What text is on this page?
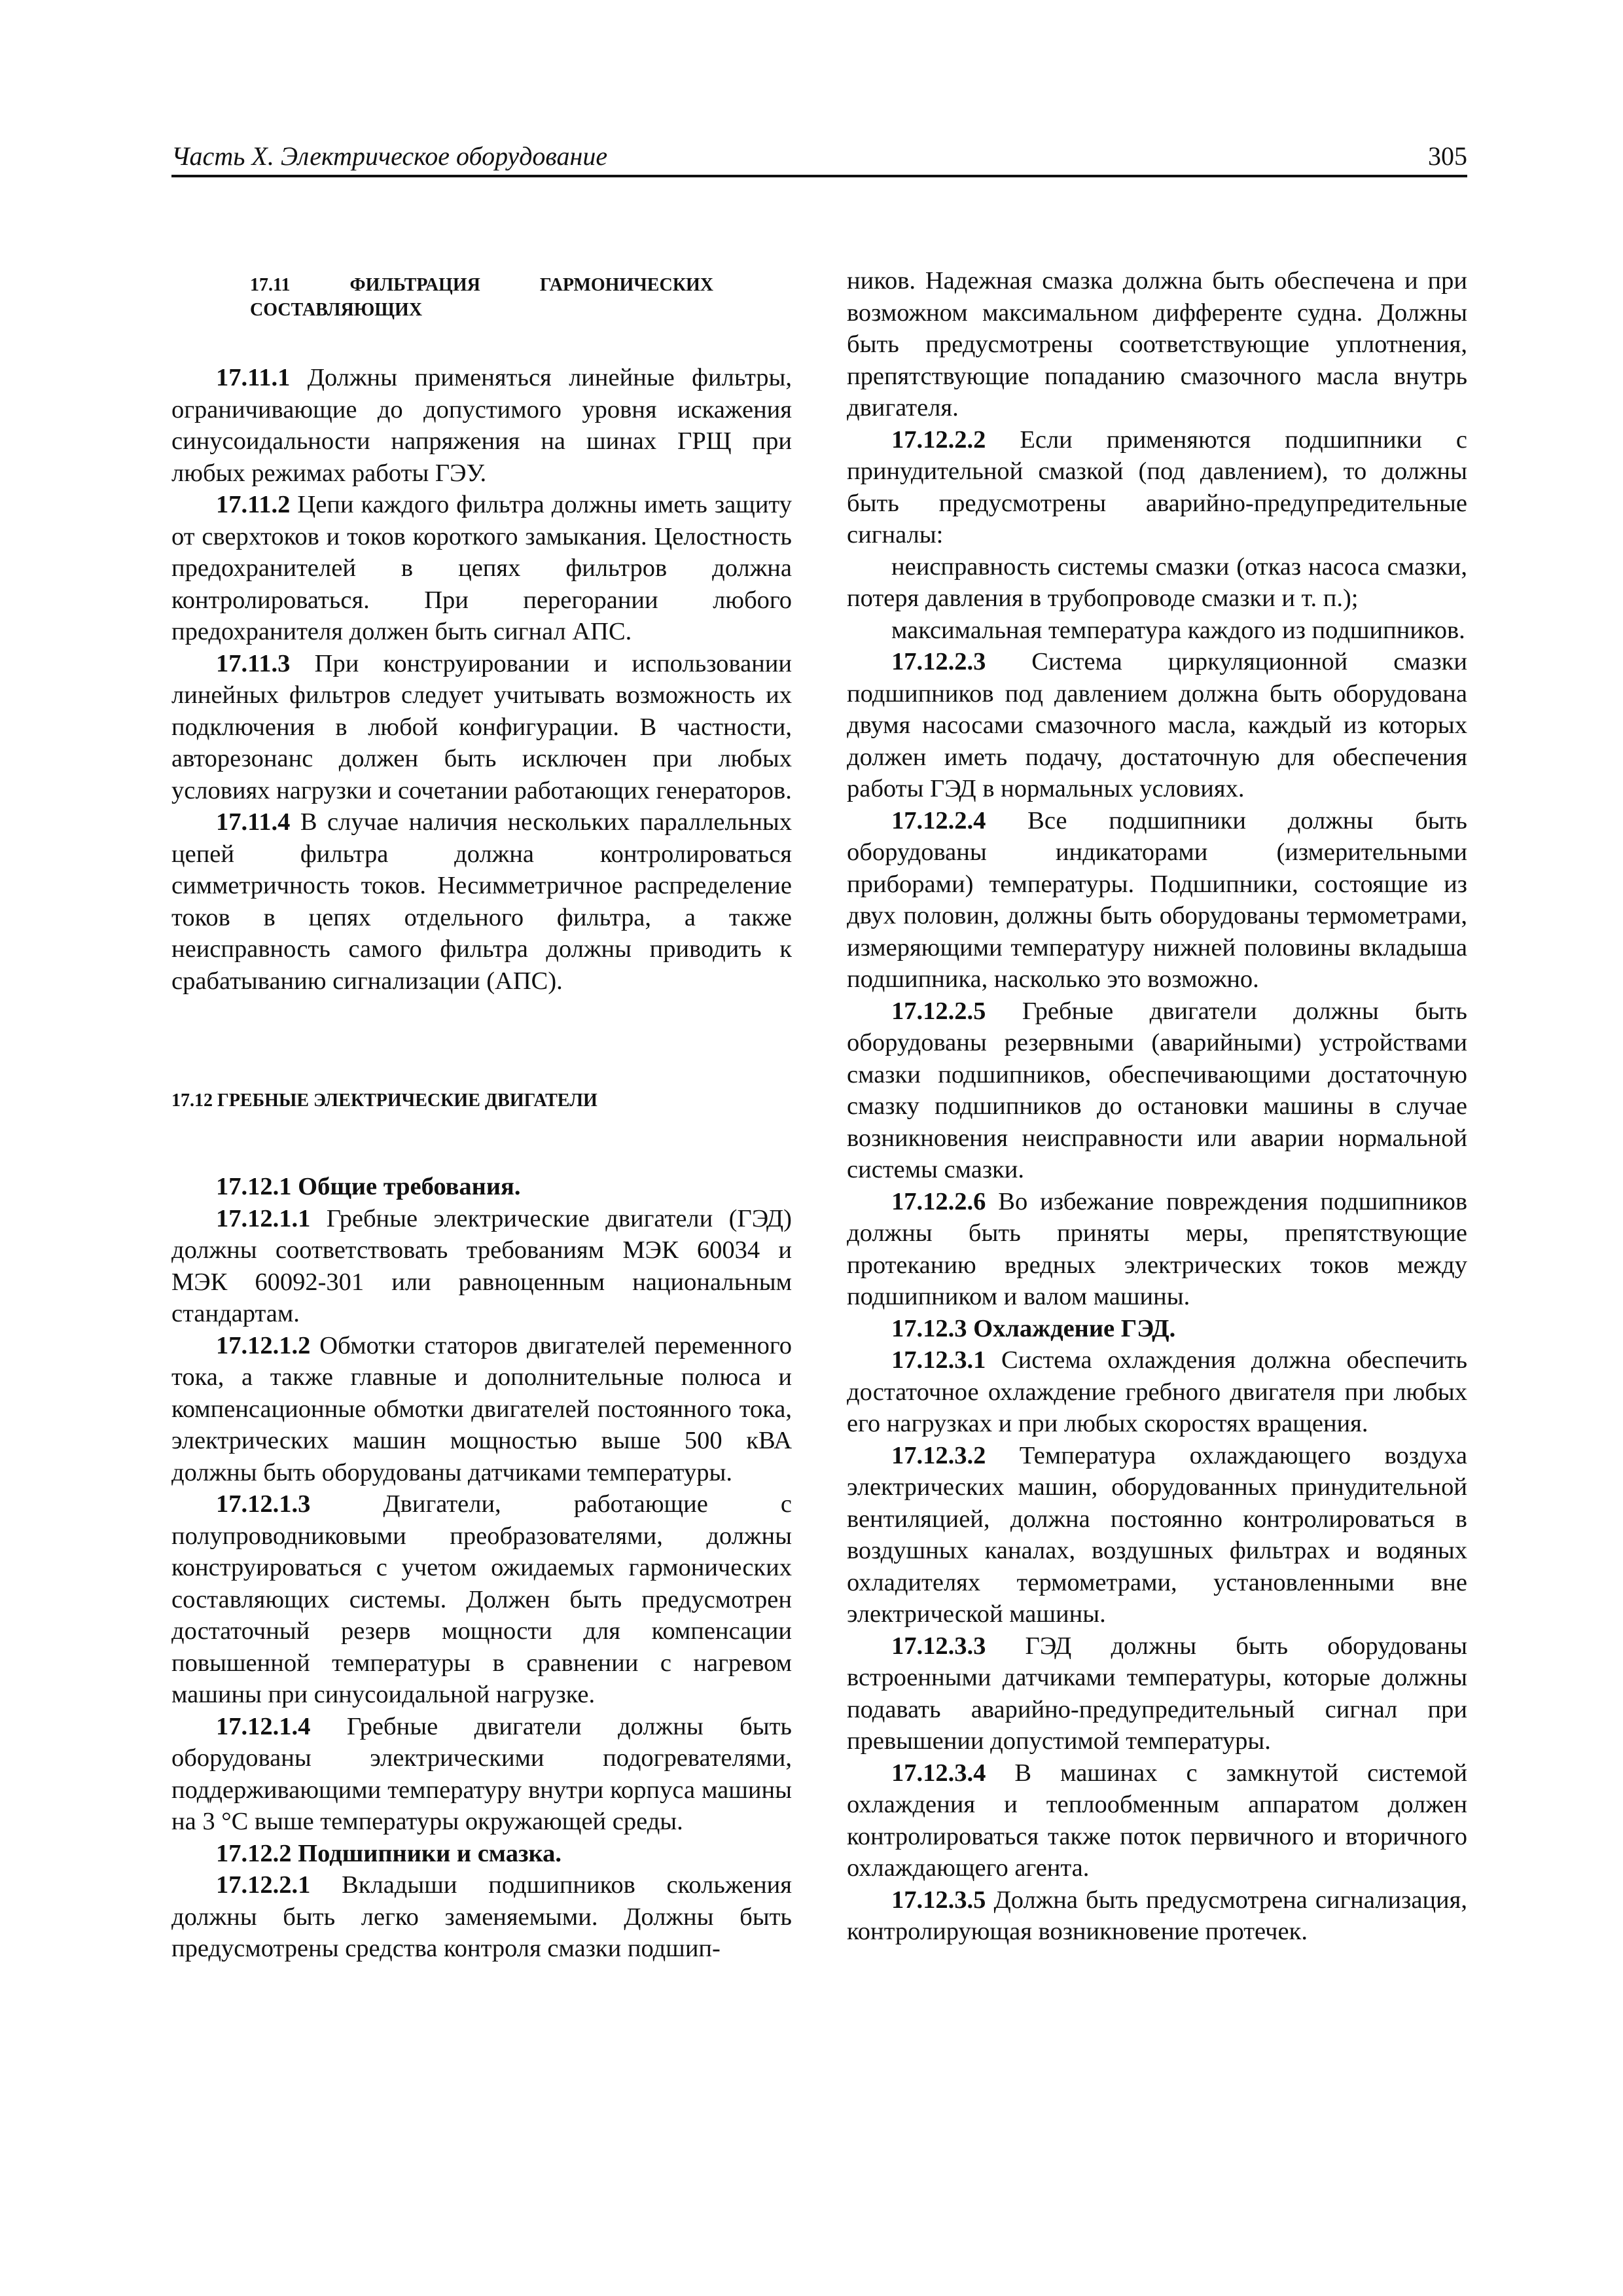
Часть X. Электрическое оборудование	305

17.11 ФИЛЬТРАЦИЯ ГАРМОНИЧЕСКИХ СОСТАВЛЯЮЩИХ

17.11.1 Должны применяться линейные фильтры, ограничивающие до допустимого уровня искажения синусоидальности напряжения на шинах ГРЩ при любых режимах работы ГЭУ.

17.11.2 Цепи каждого фильтра должны иметь защиту от сверхтоков и токов короткого замыкания. Целостность предохранителей в цепях фильтров должна контролироваться. При перегорании любого предохранителя должен быть сигнал АПС.

17.11.3 При конструировании и использовании линейных фильтров следует учитывать возможность их подключения в любой конфигурации. В частности, авторезонанс должен быть исключен при любых условиях нагрузки и сочетании работающих генераторов.

17.11.4 В случае наличия нескольких параллельных цепей фильтра должна контролироваться симметричность токов. Несимметричное распределение токов в цепях отдельного фильтра, а также неисправность самого фильтра должны приводить к срабатыванию сигнализации (АПС).

17.12 ГРЕБНЫЕ ЭЛЕКТРИЧЕСКИЕ ДВИГАТЕЛИ

17.12.1 Общие требования.

17.12.1.1 Гребные электрические двигатели (ГЭД) должны соответствовать требованиям МЭК 60034 и МЭК 60092-301 или равноценным национальным стандартам.

17.12.1.2 Обмотки статоров двигателей переменного тока, а также главные и дополнительные полюса и компенсационные обмотки двигателей постоянного тока, электрических машин мощностью выше 500 кВА должны быть оборудованы датчиками температуры.

17.12.1.3 Двигатели, работающие с полупроводниковыми преобразователями, должны конструироваться с учетом ожидаемых гармонических составляющих системы. Должен быть предусмотрен достаточный резерв мощности для компенсации повышенной температуры в сравнении с нагревом машины при синусоидальной нагрузке.

17.12.1.4 Гребные двигатели должны быть оборудованы электрическими подогревателями, поддерживающими температуру внутри корпуса машины на 3 °С выше температуры окружающей среды.

17.12.2 Подшипники и смазка.

17.12.2.1 Вкладыши подшипников скольжения должны быть легко заменяемыми. Должны быть предусмотрены средства контроля смазки подшип-

ников. Надежная смазка должна быть обеспечена и при возможном максимальном дифференте судна. Должны быть предусмотрены соответствующие уплотнения, препятствующие попаданию смазочного масла внутрь двигателя.

17.12.2.2 Если применяются подшипники с принудительной смазкой (под давлением), то должны быть предусмотрены аварийно-предупредительные сигналы:

неисправность системы смазки (отказ насоса смазки, потеря давления в трубопроводе смазки и т. п.);

максимальная температура каждого из подшипников.

17.12.2.3 Система циркуляционной смазки подшипников под давлением должна быть оборудована двумя насосами смазочного масла, каждый из которых должен иметь подачу, достаточную для обеспечения работы ГЭД в нормальных условиях.

17.12.2.4 Все подшипники должны быть оборудованы индикаторами (измерительными приборами) температуры. Подшипники, состоящие из двух половин, должны быть оборудованы термометрами, измеряющими температуру нижней половины вкладыша подшипника, насколько это возможно.

17.12.2.5 Гребные двигатели должны быть оборудованы резервными (аварийными) устройствами смазки подшипников, обеспечивающими достаточную смазку подшипников до остановки машины в случае возникновения неисправности или аварии нормальной системы смазки.

17.12.2.6 Во избежание повреждения подшипников должны быть приняты меры, препятствующие протеканию вредных электрических токов между подшипником и валом машины.

17.12.3 Охлаждение ГЭД.

17.12.3.1 Система охлаждения должна обеспечить достаточное охлаждение гребного двигателя при любых его нагрузках и при любых скоростях вращения.

17.12.3.2 Температура охлаждающего воздуха электрических машин, оборудованных принудительной вентиляцией, должна постоянно контролироваться в воздушных каналах, воздушных фильтрах и водяных охладителях термометрами, установленными вне электрической машины.

17.12.3.3 ГЭД должны быть оборудованы встроенными датчиками температуры, которые должны подавать аварийно-предупредительный сигнал при превышении допустимой температуры.

17.12.3.4 В машинах с замкнутой системой охлаждения и теплообменным аппаратом должен контролироваться также поток первичного и вторичного охлаждающего агента.

17.12.3.5 Должна быть предусмотрена сигнализация, контролирующая возникновение протечек.
